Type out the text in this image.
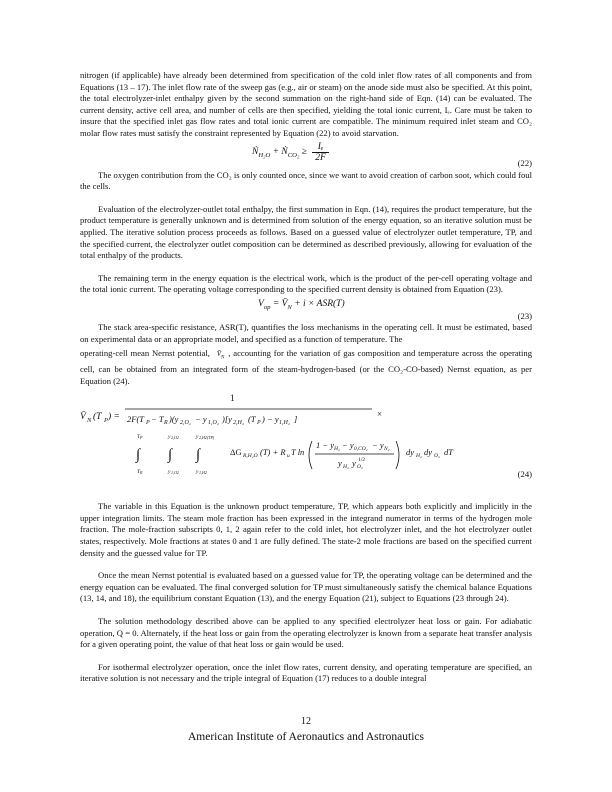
nitrogen (if applicable) have already been determined from specification of the cold inlet flow rates of all components and from Equations (13 – 17). The inlet flow rate of the sweep gas (e.g., air or steam) on the anode side must also be specified. At this point, the total electrolyzer-inlet enthalpy given by the second summation on the right-hand side of Eqn. (14) can be evaluated. The current density, active cell area, and number of cells are then specified, yielding the total ionic current, Iₑ. Care must be taken to insure that the specified inlet gas flow rates and total ionic current are compatible. The minimum required inlet steam and CO₂ molar flow rates must satisfy the constraint represented by Equation (22) to avoid starvation.

Ṅ$_{H_2O}$ + Ṅ$_{CO_2}$ ≥ $\frac{\text{Iₑ}}{2F}$	(22)

The oxygen contribution from the CO₂ is only counted once, since we want to avoid creation of carbon soot, which could foul the cells.

Evaluation of the electrolyzer-outlet total enthalpy, the first summation in Eqn. (14), requires the product temperature, but the product temperature is generally unknown and is determined from solution of the energy equation, so an iterative solution must be applied. The iterative solution process proceeds as follows. Based on a guessed value of electrolyzer outlet temperature, TP, and the specified current, the electrolyzer outlet composition can be determined as described previously, allowing for evaluation of the total enthalpy of the products.

The remaining term in the energy equation is the electrical work, which is the product of the per-cell operating voltage and the total ionic current. The operating voltage corresponding to the specified current density is obtained from Equation (23).

$V_{op}$ = $V̄_N + i \times ASR(T)$
(23)

The stack area-specific resistance, ASR(T), quantifies the loss mechanisms in the operating cell. It must be estimated, based on experimental data or an appropriate model, and specified as a function of temperature. The

operating-cell mean Nernst potential, $V̄_N$ , accounting for the variation of gas composition and temperature across the operating cell, can be obtained from an integrated form of the steam-hydrogen-based (or the CO₂-CO-based) Nernst equation, as per Equation (24).

V̄ N (T P ) =
1
2F(T P − T R )(y 2,O₂ − y 1,O₂ )[y 2,H₂ (T P ) − y 1,H₂ ]	×
T P	y 2,O2	y 2,H2(TP)
∫ ∫ ∫
T R	y 1,O2	y 1,H2
ΔG R,H₂O (T) + R u T ln
1 − y H₂ − y 0,CO₂ − y N₂
y H₂ y O₂
1/2
dy H₂ dy O₂ dT
(24)

The variable in this Equation is the unknown product temperature, TP, which appears both explicitly and implicitly in the upper integration limits. The steam mole fraction has been expressed in the integrand numerator in terms of the hydrogen mole fraction. The mole-fraction subscripts 0, 1, 2 again refer to the cold inlet, hot electrolyzer inlet, and the hot electrolyzer outlet states, respectively. Mole fractions at states 0 and 1 are fully defined. The state-2 mole fractions are based on the specified current density and the guessed value for TP.

Once the mean Nernst potential is evaluated based on a guessed value for TP, the operating voltage can be determined and the energy equation can be evaluated. The final converged solution for TP must simultaneously satisfy the chemical balance Equations (13, 14, and 18), the equilibrium constant Equation (13), and the energy Equation (21), subject to Equations (23 through 24).

The solution methodology described above can be applied to any specified electrolyzer heat loss or gain. For adiabatic operation, Q = 0. Alternately, if the heat loss or gain from the operating electrolyzer is known from a separate heat transfer analysis for a given operating point, the value of that heat loss or gain would be used.

For isothermal electrolyzer operation, once the inlet flow rates, current density, and operating temperature are specified, an iterative solution is not necessary and the triple integral of Equation (17) reduces to a double integral

12
American Institute of Aeronautics and Astronautics
